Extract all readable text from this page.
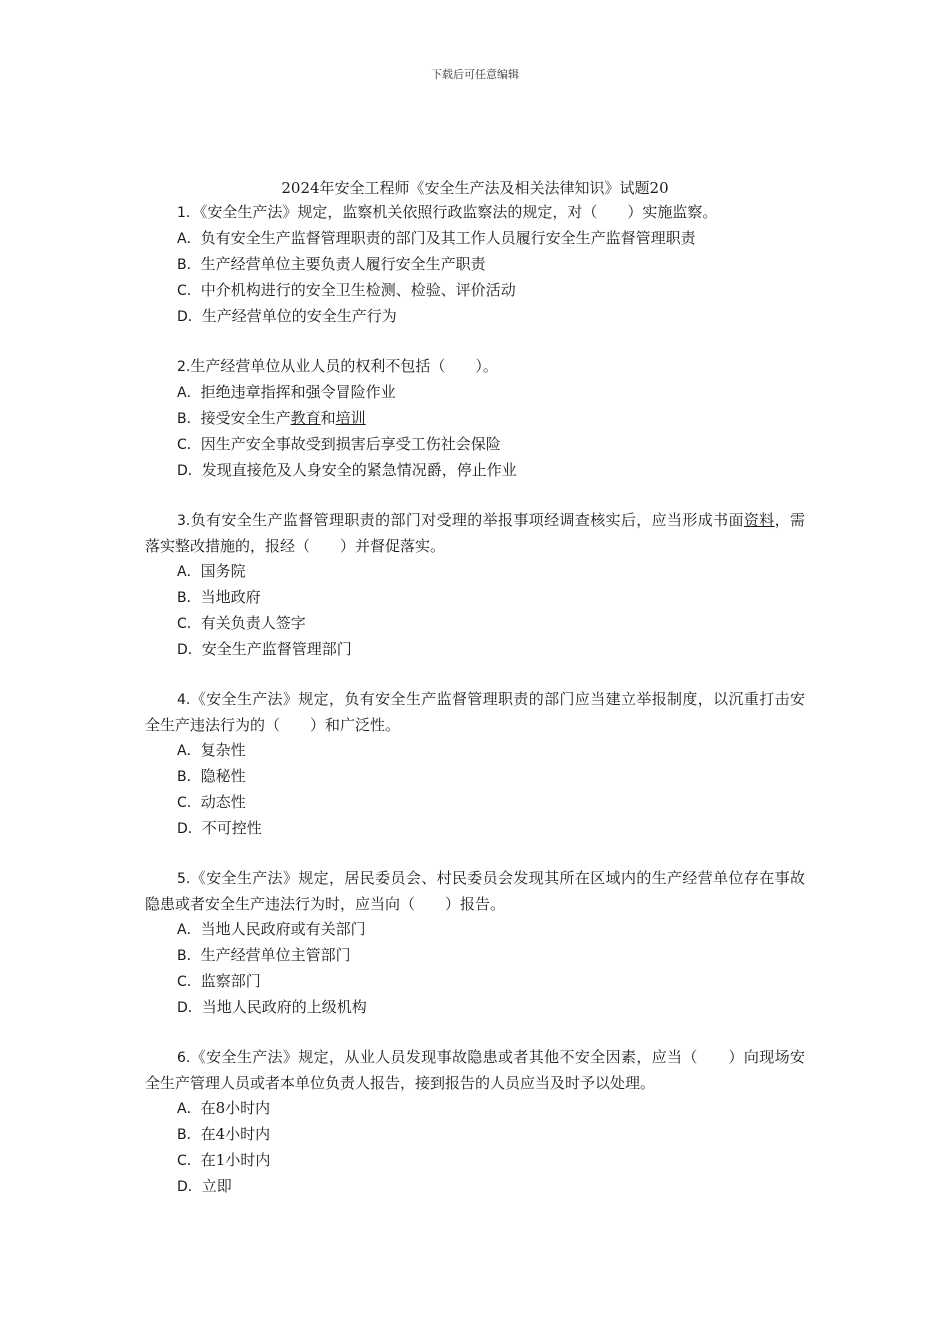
下载后可任意编辑
2024年安全工程师《安全生产法及相关法律知识》试题20

1．《安全生产法》规定，监察机关依照行政监察法的规定，对（　　）实施监察。

A．负有安全生产监督管理职责的部门及其工作人员履行安全生产监督管理职责

B．生产经营单位主要负责人履行安全生产职责

C．中介机构进行的安全卫生检测、检验、评价活动

D．生产经营单位的安全生产行为

2.生产经营单位从业人员的权利不包括（　　）。

A．拒绝违章指挥和强令冒险作业

B．接受安全生产教育和培训

C．因生产安全事故受到损害后享受工伤社会保险

D．发现直接危及人身安全的紧急情况爵，停止作业

3.负有安全生产监督管理职责的部门对受理的举报事项经调查核实后，应当形成书面资料，需落实整改措施的，报经（　　）并督促落实。

A．国务院

B．当地政府

C．有关负责人签字

D．安全生产监督管理部门

4.《安全生产法》规定，负有安全生产监督管理职责的部门应当建立举报制度，以沉重打击安全生产违法行为的（　　）和广泛性。

A．复杂性

B．隐秘性

C．动态性

D．不可控性

5.《安全生产法》规定，居民委员会、村民委员会发现其所在区域内的生产经营单位存在事故隐患或者安全生产违法行为时，应当向（　　）报告。

A．当地人民政府或有关部门

B．生产经营单位主管部门

C．监察部门

D．当地人民政府的上级机构

6.《安全生产法》规定，从业人员发现事故隐患或者其他不安全因素，应当（　　）向现场安全生产管理人员或者本单位负责人报告，接到报告的人员应当及时予以处理。

A．在8小时内

B．在4小时内

C．在1小时内

D．立即
